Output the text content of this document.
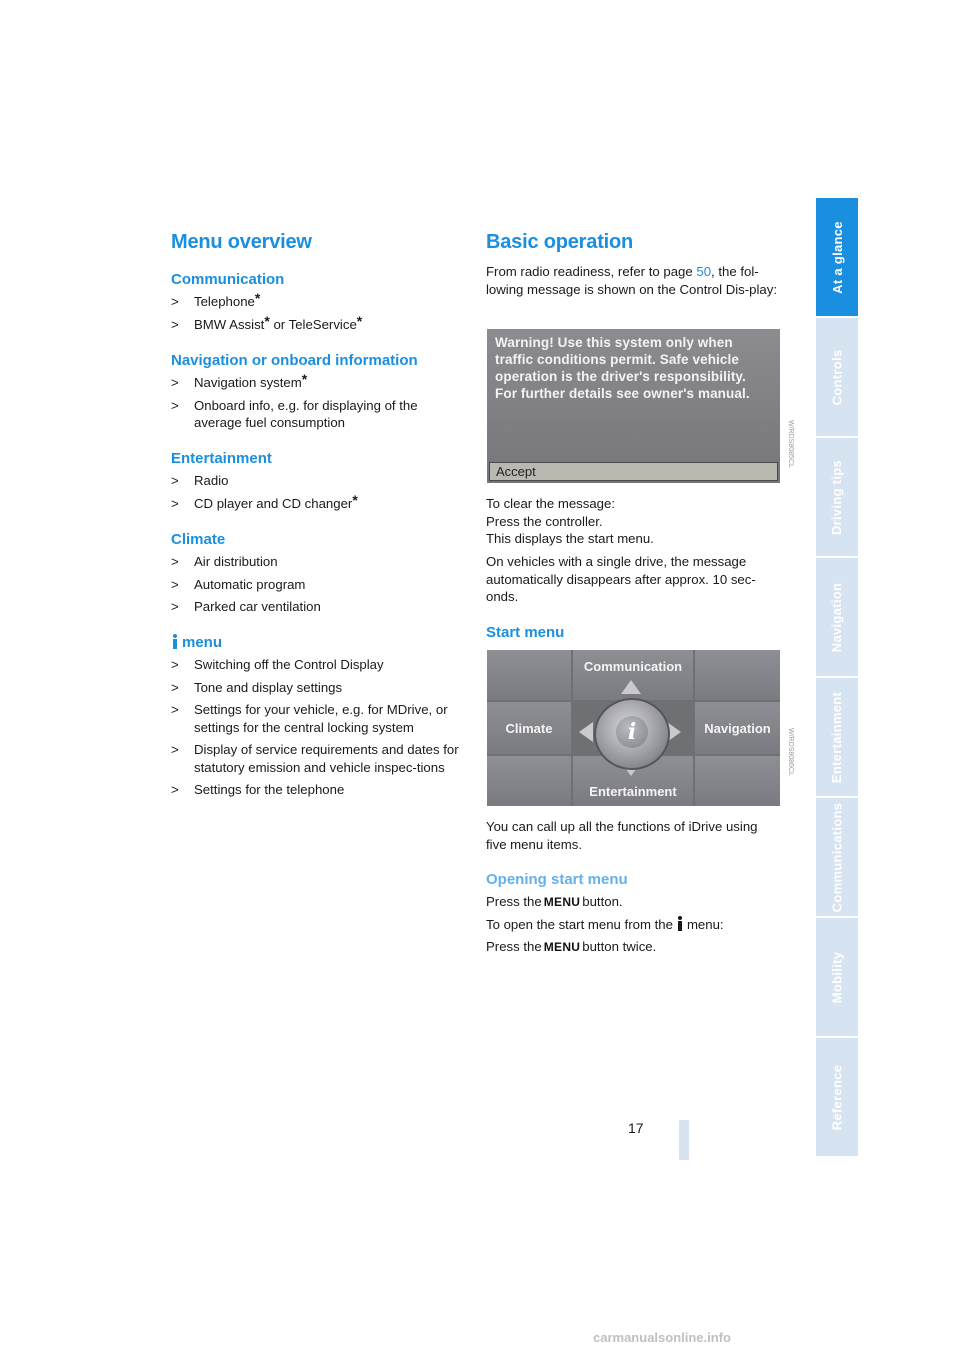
Menu overview
Communication
> Telephone*
> BMW Assist* or TeleService*
Navigation or onboard information
> Navigation system*
> Onboard info, e.g. for displaying of the average fuel consumption
Entertainment
> Radio
> CD player and CD changer*
Climate
> Air distribution
> Automatic program
> Parked car ventilation
menu
> Switching off the Control Display
> Tone and display settings
> Settings for your vehicle, e.g. for MDrive, or settings for the central locking system
> Display of service requirements and dates for statutory emission and vehicle inspec-tions
> Settings for the telephone
Basic operation

From radio readiness, refer to page 50, the fol-lowing message is shown on the Control Dis-play:

Warning! Use this system only when
traffic conditions permit. Safe vehicle
operation is the driver's responsibility.
For further details see owner's manual.
Accept
W/RDS8085CL

To clear the message:
Press the controller.
This displays the start menu.

On vehicles with a single drive, the message automatically disappears after approx. 10 sec-onds.

Start menu
Communication
Climate	Navigation
Entertainment
i	W/RDS8086CL

You can call up all the functions of iDrive using five menu items.

Opening start menu

Press the MENU button.

To open the start menu from the menu:

Press the MENU button twice.

At a glance
Controls
Driving tips
Navigation
Entertainment
Communications
Mobility
Reference
17
carmanualsonline.info
